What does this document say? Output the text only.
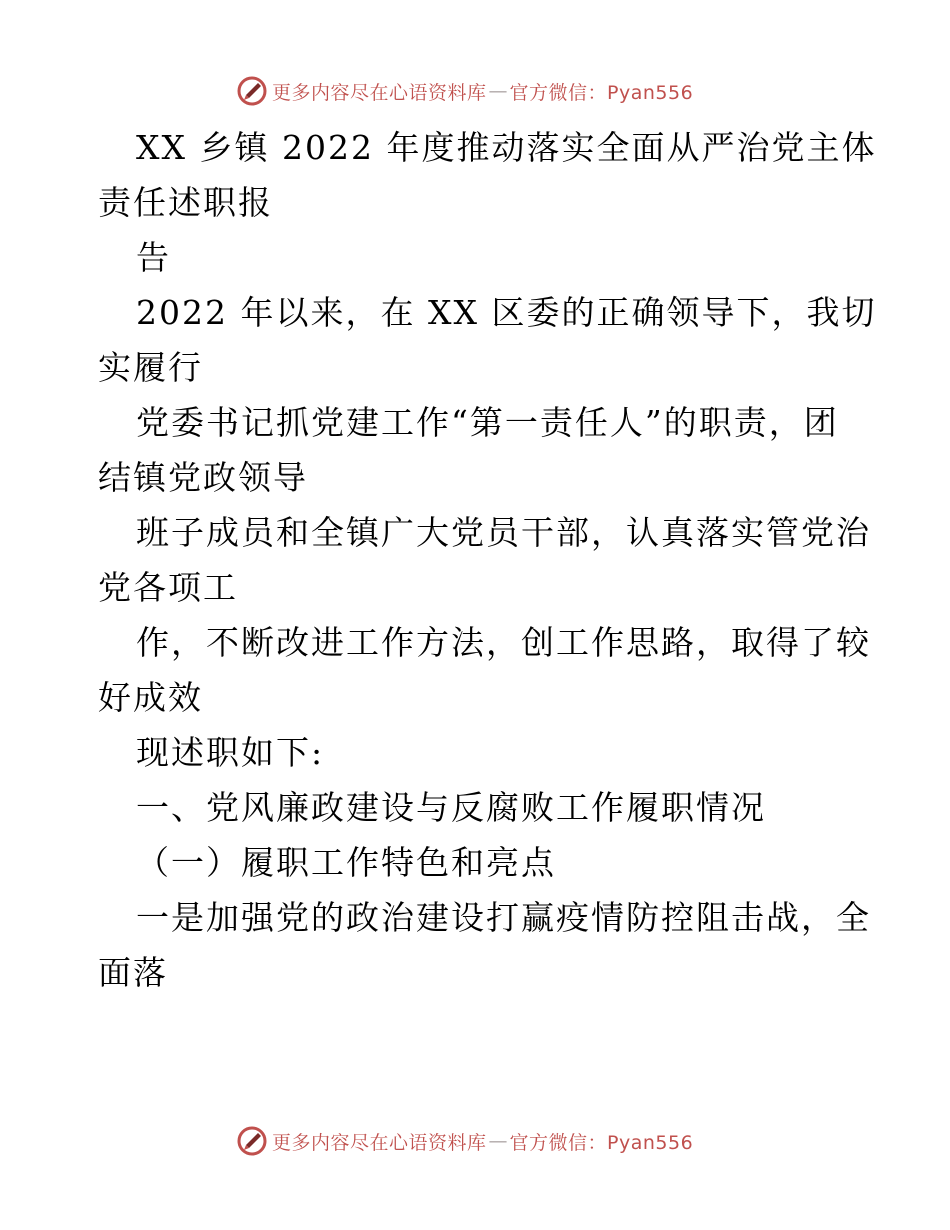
更多内容尽在心语资料库 — 官方微信：Pyan556
XX 乡镇 2022 年度推动落实全面从严治党主体
责任述职报
告
2022 年以来，在 XX 区委的正确领导下，我切
实履行
党委书记抓党建工作“第一责任人”的职责，团
结镇党政领导
班子成员和全镇广大党员干部，认真落实管党治
党各项工
作，不断改进工作方法，创工作思路，取得了较
好成效
现述职如下:
一、党风廉政建设与反腐败工作履职情况
（一）履职工作特色和亮点
一是加强党的政治建设打赢疫情防控阻击战，全
面落
更多内容尽在心语资料库 — 官方微信：Pyan556
